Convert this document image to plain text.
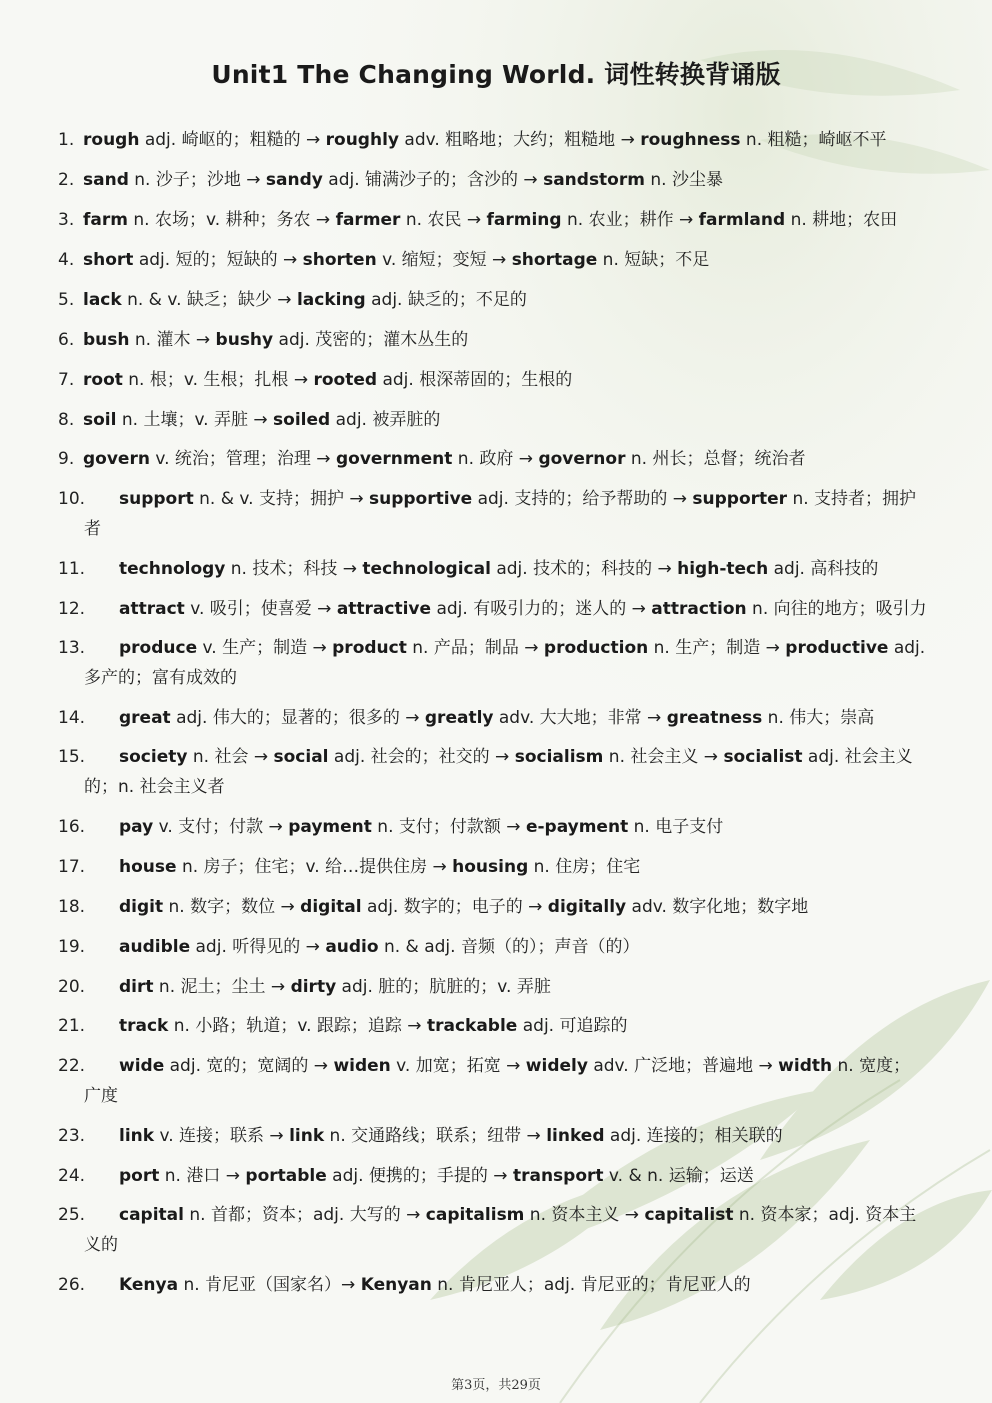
Unit1 The Changing World. 词性转换背诵版
1. rough adj. 崎岖的；粗糙的 → roughly adv. 粗略地；大约；粗糙地 → roughness n. 粗糙；崎岖不平
2. sand n. 沙子；沙地 → sandy adj. 铺满沙子的；含沙的 → sandstorm n. 沙尘暴
3. farm n. 农场；v. 耕种；务农 → farmer n. 农民 → farming n. 农业；耕作 → farmland n. 耕地；农田
4. short adj. 短的；短缺的 → shorten v. 缩短；变短 → shortage n. 短缺；不足
5. lack n. & v. 缺乏；缺少 → lacking adj. 缺乏的；不足的
6. bush n. 灌木 → bushy adj. 茂密的；灌木丛生的
7. root n. 根；v. 生根；扎根 → rooted adj. 根深蒂固的；生根的
8. soil n. 土壤；v. 弄脏 → soiled adj. 被弄脏的
9. govern v. 统治；管理；治理 → government n. 政府 → governor n. 州长；总督；统治者
10. support n. & v. 支持；拥护 → supportive adj. 支持的；给予帮助的 → supporter n. 支持者；拥护
者
11. technology n. 技术；科技 → technological adj. 技术的；科技的 → high-tech adj. 高科技的
12. attract v. 吸引；使喜爱 → attractive adj. 有吸引力的；迷人的 → attraction n. 向往的地方；吸引力
13. produce v. 生产；制造 → product n. 产品；制品 → production n. 生产；制造 → productive adj.
多产的；富有成效的
14. great adj. 伟大的；显著的；很多的 → greatly adv. 大大地；非常 → greatness n. 伟大；崇高
15. society n. 社会 → social adj. 社会的；社交的 → socialism n. 社会主义 → socialist adj. 社会主义
的；n. 社会主义者
16. pay v. 支付；付款 → payment n. 支付；付款额 → e-payment n. 电子支付
17. house n. 房子；住宅；v. 给…提供住房 → housing n. 住房；住宅
18. digit n. 数字；数位 → digital adj. 数字的；电子的 → digitally adv. 数字化地；数字地
19. audible adj. 听得见的 → audio n. & adj. 音频（的）；声音（的）
20. dirt n. 泥土；尘土 → dirty adj. 脏的；肮脏的；v. 弄脏
21. track n. 小路；轨道；v. 跟踪；追踪 → trackable adj. 可追踪的
22. wide adj. 宽的；宽阔的 → widen v. 加宽；拓宽 → widely adv. 广泛地；普遍地 → width n. 宽度；
广度
23. link v. 连接；联系 → link n. 交通路线；联系；纽带 → linked adj. 连接的；相关联的
24. port n. 港口 → portable adj. 便携的；手提的 → transport v. & n. 运输；运送
25. capital n. 首都；资本；adj. 大写的 → capitalism n. 资本主义 → capitalist n. 资本家；adj. 资本主
义的
26. Kenya n. 肯尼亚（国家名）→ Kenyan n. 肯尼亚人；adj. 肯尼亚的；肯尼亚人的
第3页，共29页
